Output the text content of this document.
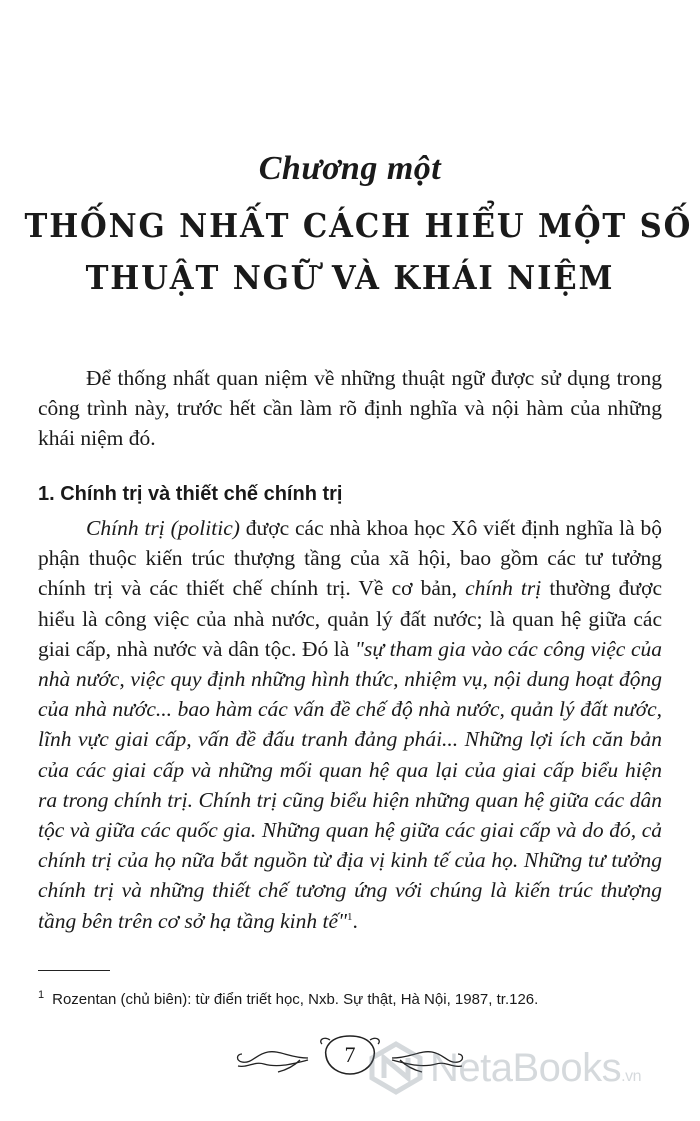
Chương một
THỐNG NHẤT CÁCH HIỂU MỘT SỐ
THUẬT NGỮ VÀ KHÁI NIỆM

Để thống nhất quan niệm về những thuật ngữ được sử dụng trong công trình này, trước hết cần làm rõ định nghĩa và nội hàm của những khái niệm đó.

1. Chính trị và thiết chế chính trị

Chính trị (politic) được các nhà khoa học Xô viết định nghĩa là bộ phận thuộc kiến trúc thượng tầng của xã hội, bao gồm các tư tưởng chính trị và các thiết chế chính trị. Về cơ bản, chính trị thường được hiểu là công việc của nhà nước, quản lý đất nước; là quan hệ giữa các giai cấp, nhà nước và dân tộc. Đó là "sự tham gia vào các công việc của nhà nước, việc quy định những hình thức, nhiệm vụ, nội dung hoạt động của nhà nước... bao hàm các vấn đề chế độ nhà nước, quản lý đất nước, lĩnh vực giai cấp, vấn đề đấu tranh đảng phái... Những lợi ích căn bản của các giai cấp và những mối quan hệ qua lại của giai cấp biểu hiện ra trong chính trị. Chính trị cũng biểu hiện những quan hệ giữa các dân tộc và giữa các quốc gia. Những quan hệ giữa các giai cấp và do đó, cả chính trị của họ nữa bắt nguồn từ địa vị kinh tế của họ. Những tư tưởng chính trị và những thiết chế tương ứng với chúng là kiến trúc thượng tầng bên trên cơ sở hạ tầng kinh tế"$^1$.

$^1$ Rozentan (chủ biên): từ điển triết học, Nxb. Sự thật, Hà Nội, 1987, tr.126.
7	NetaBooks.vn
